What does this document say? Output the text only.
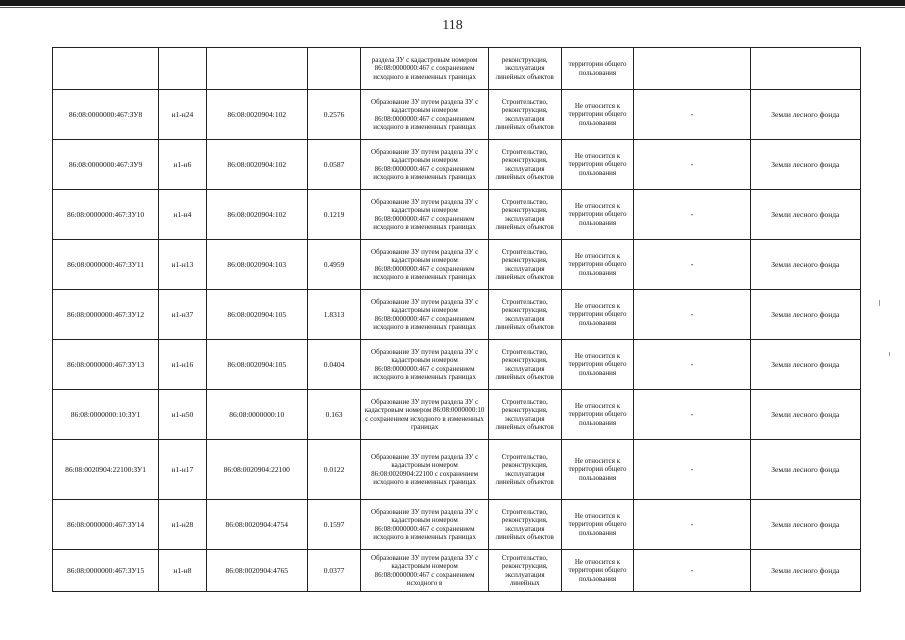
118
				раздела ЗУ с кадастровым номером 86:08:0000000:467 с сохранением исходного в измененных границах	реконструкция, эксплуатация линейных объектов	территории общего пользования		
86:08:0000000:467:ЗУ8	н1-н24	86:08:0020904:102	0.2576	Образование ЗУ путем раздела ЗУ с кадастровым номером 86:08:0000000:467 с сохранением исходного в измененных границах	Строительство, реконструкция, эксплуатация линейных объектов	Не относится к территории общего пользования	-	Земли лесного фонда
86:08:0000000:467:ЗУ9	н1-н6	86:08:0020904:102	0.0587	Образование ЗУ путем раздела ЗУ с кадастровым номером 86:08:0000000:467 с сохранением исходного в измененных границах	Строительство, реконструкция, эксплуатация линейных объектов	Не относится к территории общего пользования	-	Земли лесного фонда
86:08:0000000:467:ЗУ10	н1-н4	86:08:0020904:102	0.1219	Образование ЗУ путем раздела ЗУ с кадастровым номером 86:08:0000000:467 с сохранением исходного в измененных границах	Строительство, реконструкция, эксплуатация линейных объектов	Не относится к территории общего пользования	-	Земли лесного фонда
86:08:0000000:467:ЗУ11	н1-н13	86:08:0020904:103	0.4959	Образование ЗУ путем раздела ЗУ с кадастровым номером 86:08:0000000:467 с сохранением исходного в измененных границах	Строительство, реконструкция, эксплуатация линейных объектов	Не относится к территории общего пользования	-	Земли лесного фонда
86:08:0000000:467:ЗУ12	н1-н37	86:08:0020904:105	1.8313	Образование ЗУ путем раздела ЗУ с кадастровым номером 86:08:0000000:467 с сохранением исходного в измененных границах	Строительство, реконструкция, эксплуатация линейных объектов	Не относится к территории общего пользования	-	Земли лесного фонда
86:08:0000000:467:ЗУ13	н1-н16	86:08:0020904:105	0.0404	Образование ЗУ путем раздела ЗУ с кадастровым номером 86:08:0000000:467 с сохранением исходного в измененных границах	Строительство, реконструкция, эксплуатация линейных объектов	Не относится к территории общего пользования	-	Земли лесного фонда
86:08:0000000:10:ЗУ1	н1-н50	86:08:0000000:10	0.163	Образование ЗУ путем раздела ЗУ с кадастровым номером 86:08:0000000:10 с сохранением исходного в измененных границах	Строительство, реконструкция, эксплуатация линейных объектов	Не относится к территории общего пользования	-	Земли лесного фонда
86:08:0020904:22100:ЗУ1	н1-н17	86:08:0020904:22100	0.0122	Образование ЗУ путем раздела ЗУ с кадастровым номером 86:08:0020904:22100 с сохранением исходного в измененных границах	Строительство, реконструкция, эксплуатация линейных объектов	Не относится к территории общего пользования	-	Земли лесного фонда
86:08:0000000:467:ЗУ14	н1-н28	86:08:0020904:4754	0.1597	Образование ЗУ путем раздела ЗУ с кадастровым номером 86:08:0000000:467 с сохранением исходного в измененных границах	Строительство, реконструкция, эксплуатация линейных объектов	Не относится к территории общего пользования	-	Земли лесного фонда
86:08:0000000:467:ЗУ15	н1-н8	86:08:0020904:4765	0.0377	Образование ЗУ путем раздела ЗУ с кадастровым номером 86:08:0000000:467 с сохранением исходного в	Строительство, реконструкция, эксплуатация линейных	Не относится к территории общего пользования	-	Земли лесного фонда
